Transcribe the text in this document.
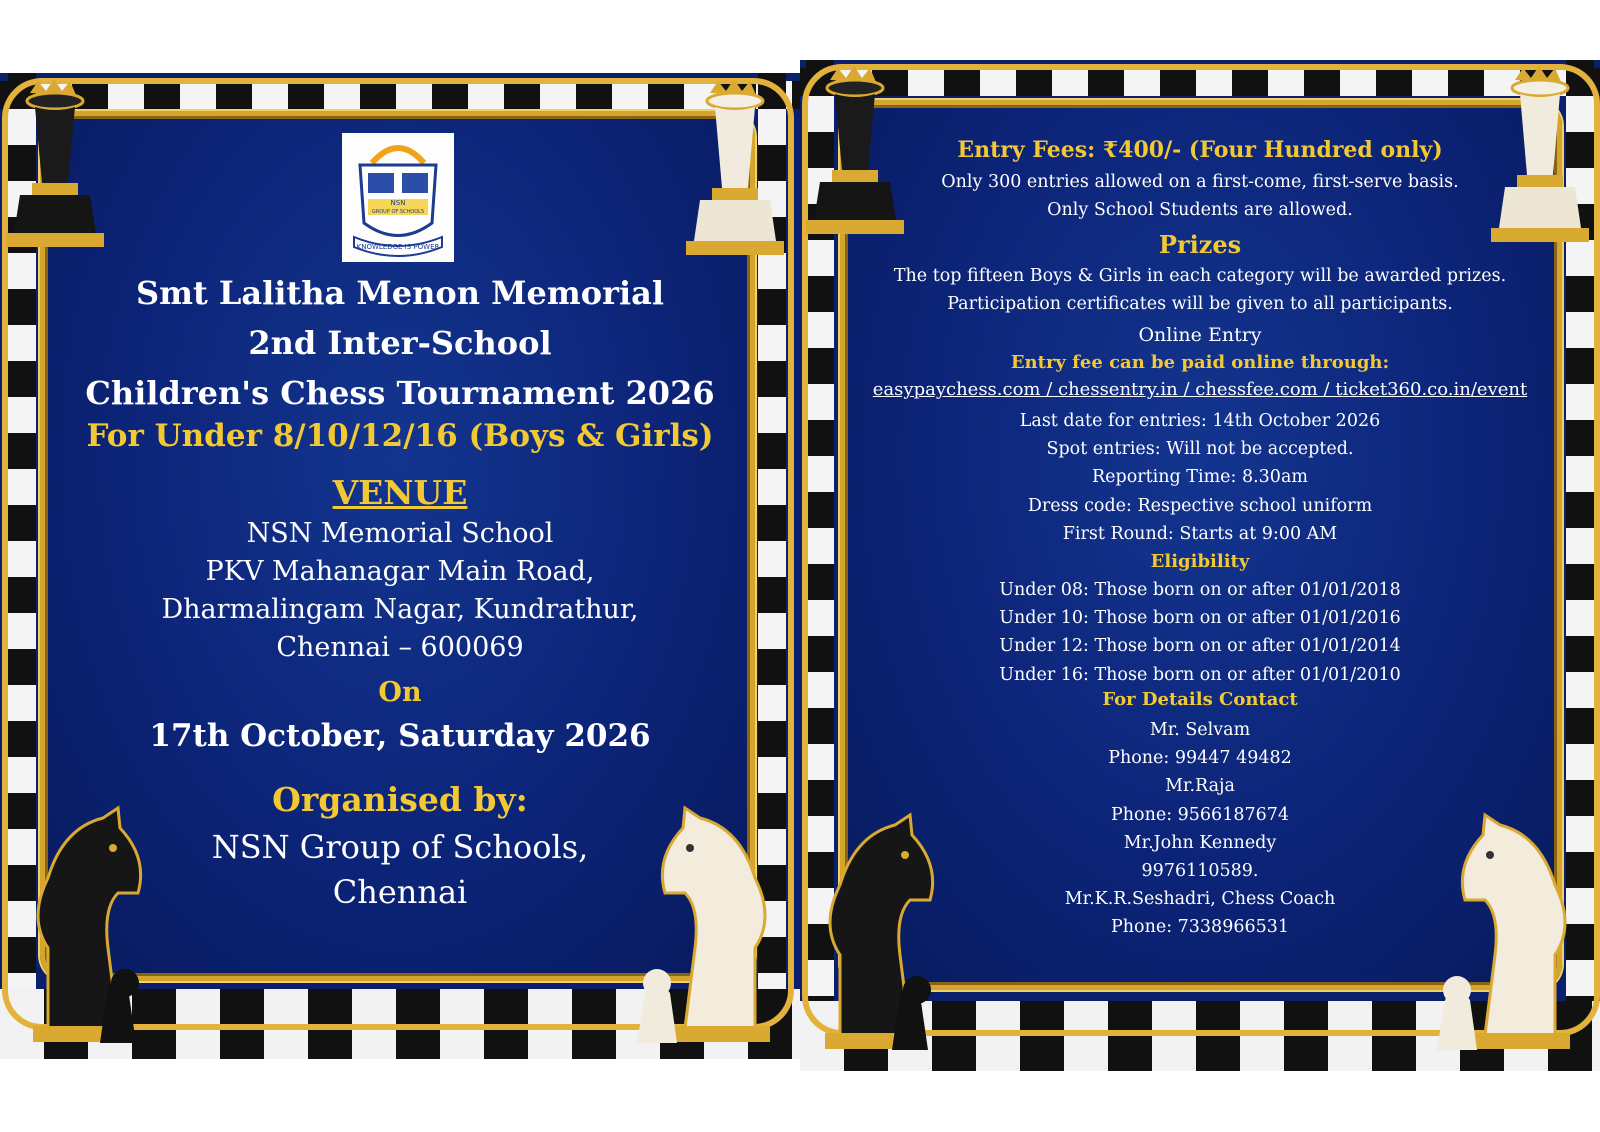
NSN
GROUP OF SCHOOLS
KNOWLEDGE IS POWER
Smt Lalitha Menon Memorial
2nd Inter-School
Children's Chess Tournament 2026
For Under 8/10/12/16 (Boys & Girls)
VENUE
NSN Memorial School
PKV Mahanagar Main Road,
Dharmalingam Nagar, Kundrathur,
Chennai – 600069
On
17th October, Saturday 2026
Organised by:
NSN Group of Schools,
Chennai
Entry Fees: ₹400/- (Four Hundred only)
Only 300 entries allowed on a first-come, first-serve basis.
Only School Students are allowed.
Prizes
The top fifteen Boys & Girls in each category will be awarded prizes.
Participation certificates will be given to all participants.
Online Entry
Entry fee can be paid online through:
easypaychess.com / chessentry.in / chessfee.com / ticket360.co.in/event
Last date for entries: 14th October 2026
Spot entries: Will not be accepted.
Reporting Time: 8.30am
Dress code: Respective school uniform
First Round: Starts at 9:00 AM
Eligibility
Under 08: Those born on or after 01/01/2018
Under 10: Those born on or after 01/01/2016
Under 12: Those born on or after 01/01/2014
Under 16: Those born on or after 01/01/2010
For Details Contact
Mr. Selvam
Phone: 99447 49482
Mr.Raja
Phone: 9566187674
Mr.John Kennedy
9976110589.
Mr.K.R.Seshadri, Chess Coach
Phone: 7338966531
